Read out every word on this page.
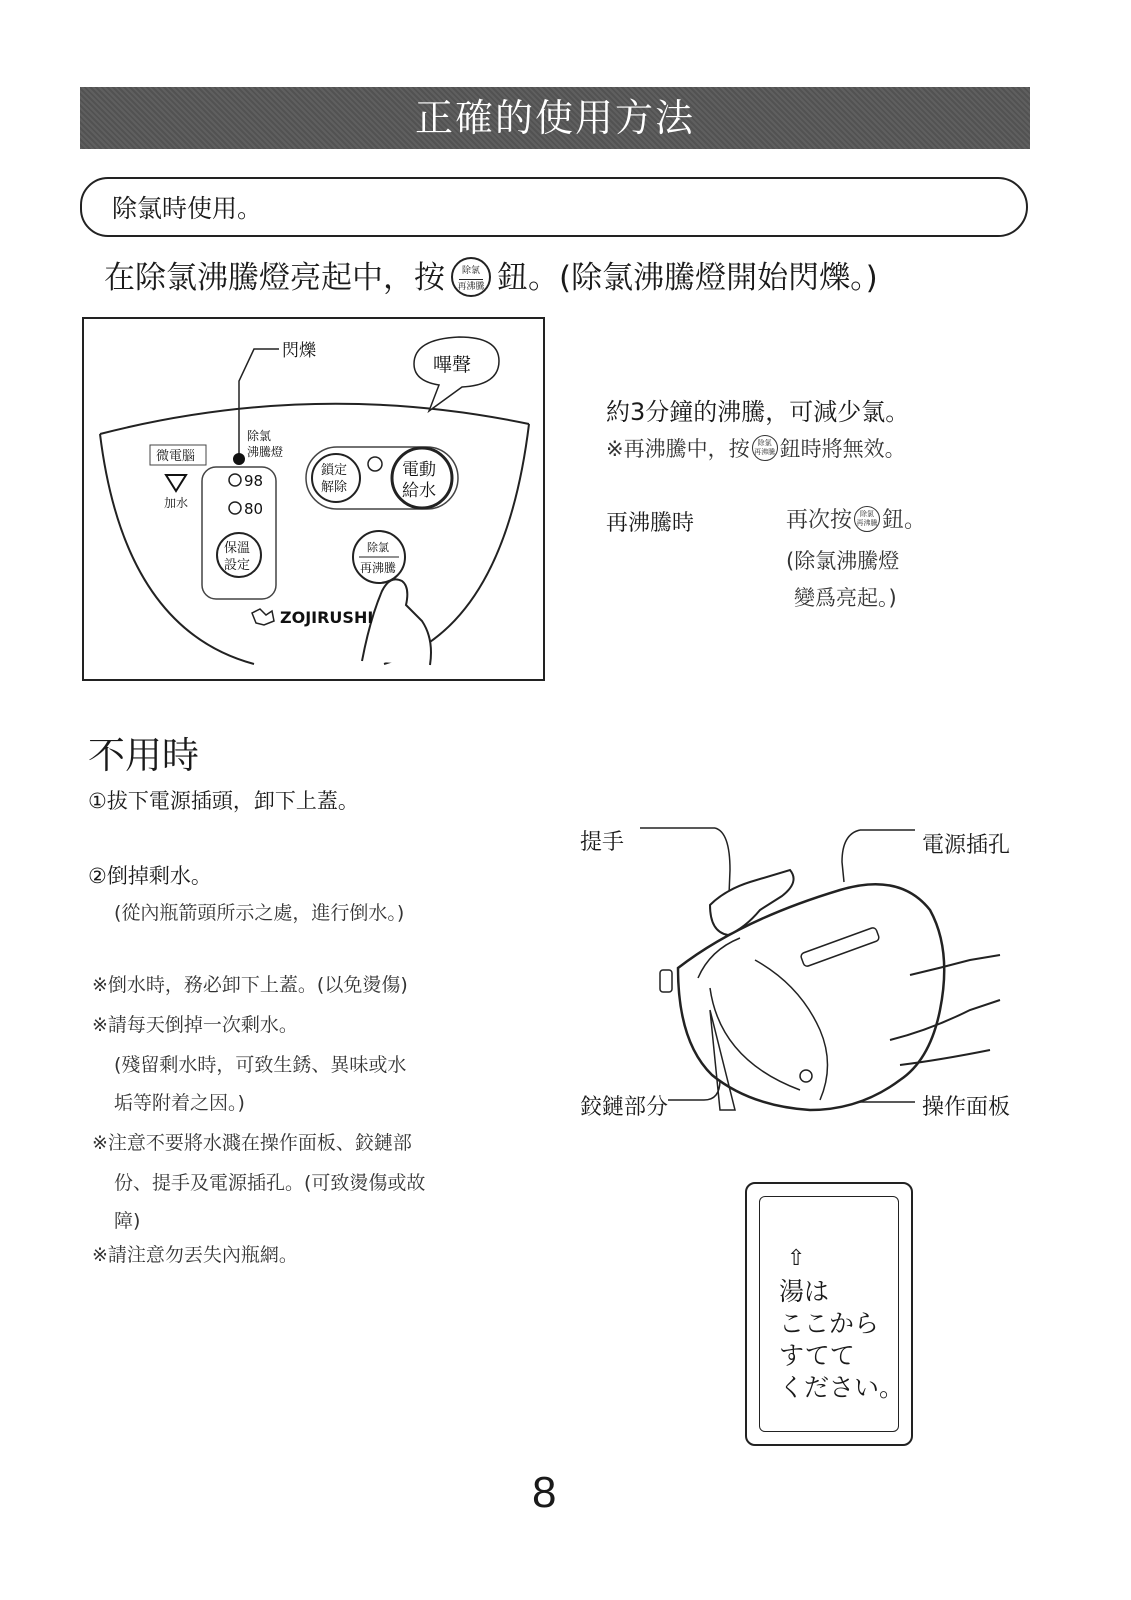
正確的使用方法
除氯時使用。
在除氯沸騰燈亮起中，按 除氯
再沸騰 鈕。(除氯沸騰燈開始閃爍。)
嗶聲
閃爍
微電腦
除氯
沸騰燈
加水
98
80
保溫
設定
鎖定
解除
電動
給水
除氯
再沸騰
ZOJIRUSHI
約3分鐘的沸騰，可減少氯。
※再沸騰中，按 除氯
再沸騰 鈕時將無效。
再沸騰時	再次按 除氯
再沸騰 鈕。
(除氯沸騰燈
變爲亮起。)
不用時
①拔下電源插頭，卸下上蓋。
②倒掉剩水。
(從內瓶箭頭所示之處，進行倒水。)
※倒水時，務必卸下上蓋。(以免燙傷)
※請每天倒掉一次剩水。
(殘留剩水時，可致生銹、異味或水
垢等附着之因。)
※注意不要將水濺在操作面板、鉸鏈部
份、提手及電源插孔。(可致燙傷或故
障)
※請注意勿丟失內瓶網。
提手	電源插孔
鉸鏈部分	操作面板
⇧
湯は
ここから
すてて
ください。
8
